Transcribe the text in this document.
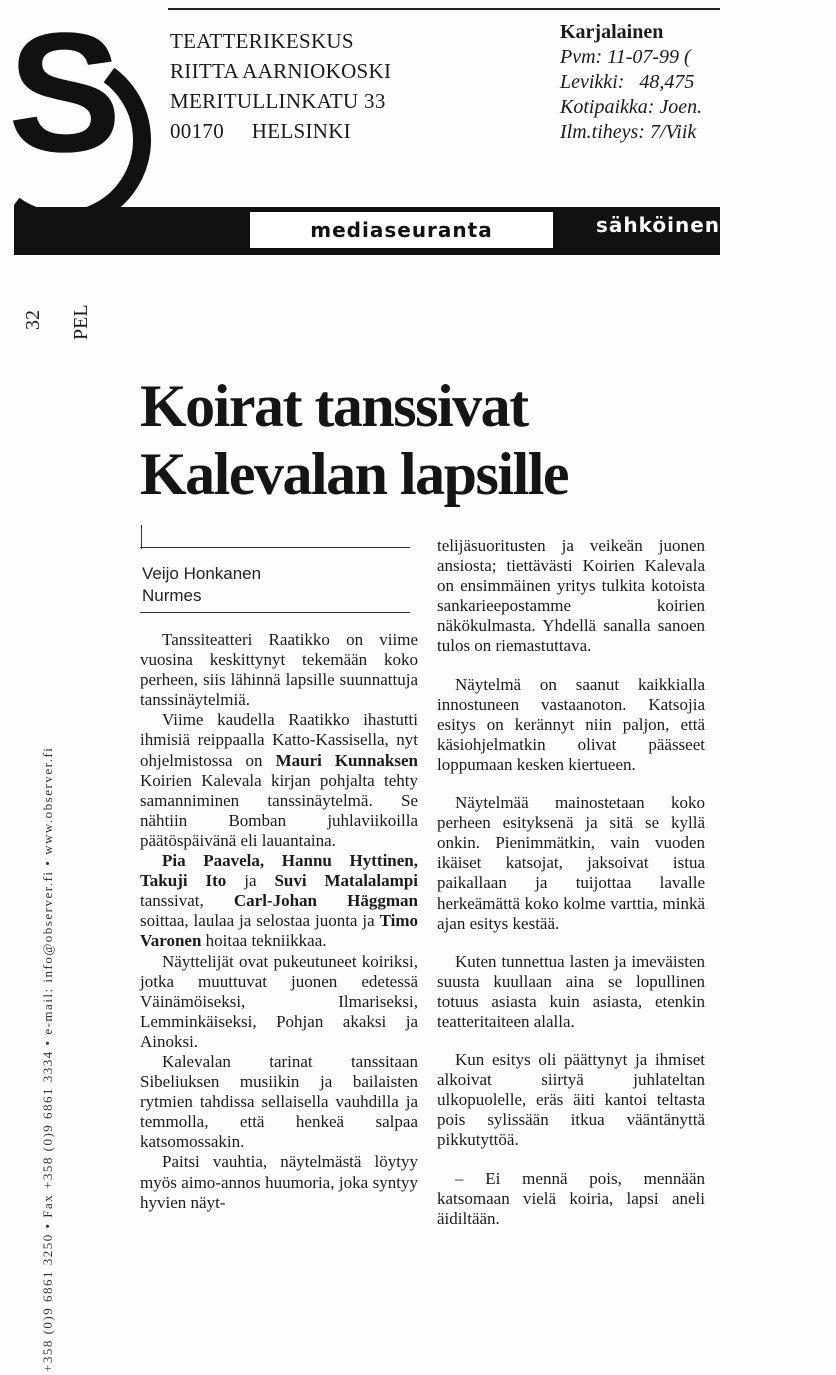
S TEATTERIKESKUS
RIITTA AARNIOKOSKI
MERITULLINKATU 33
00170     HELSINKI
Karjalainen
Pvm: 11-07-99 (
Levikki:   48,475
Kotipaikka: Joen.
Ilm.tiheys: 7/Viik
mediaseuranta	sähköinen
32 PEL
+358 (0)9 6861 3250 • Fax +358 (0)9 6861 3334 • e-mail: info@observer.fi • www.observer.fi
Koirat tanssivat
Kalevalan lapsille
Veijo Honkanen
Nurmes

Tanssiteatteri Raatikko on viime vuosina keskittynyt tekemään koko perheen, siis lähinnä lapsille suunnattuja tanssinäytelmiä.

Viime kaudella Raatikko ihastutti ihmisiä reippaalla Katto-Kassisella, nyt ohjelmistossa on Mauri Kunnaksen Koirien Kalevala kirjan pohjalta tehty samanniminen tanssinäytelmä. Se nähtiin Bomban juhlaviikoilla päätöspäivänä eli lauantaina.

Pia Paavela, Hannu Hyttinen, Takuji Ito ja Suvi Matalalampi tanssivat, Carl-Johan Häggman soittaa, laulaa ja selostaa juonta ja Timo Varonen hoitaa tekniikkaa.

Näyttelijät ovat pukeutuneet koiriksi, jotka muuttuvat juonen edetessä Väinämöiseksi, Ilmariseksi, Lemminkäiseksi, Pohjan akaksi ja Ainoksi.

Kalevalan tarinat tanssitaan Sibeliuksen musiikin ja bailaisten rytmien tahdissa sellaisella vauhdilla ja temmolla, että henkeä salpaa katsomossakin.

Paitsi vauhtia, näytelmästä löytyy myös aimo-annos huumoria, joka syntyy hyvien näyt-

telijäsuoritusten ja veikeän juonen ansiosta; tiettävästi Koirien Kalevala on ensimmäinen yritys tulkita kotoista sankarieepostamme koirien näkökulmasta. Yhdellä sanalla sanoen tulos on riemastuttava.

Näytelmä on saanut kaikkialla innostuneen vastaanoton. Katsojia esitys on kerännyt niin paljon, että käsiohjelmatkin olivat päässeet loppumaan kesken kiertueen.

Näytelmää mainostetaan koko perheen esityksenä ja sitä se kyllä onkin. Pienimmätkin, vain vuoden ikäiset katsojat, jaksoivat istua paikallaan ja tuijottaa lavalle herkeämättä koko kolme varttia, minkä ajan esitys kestää.

Kuten tunnettua lasten ja imeväisten suusta kuullaan aina se lopullinen totuus asiasta kuin asiasta, etenkin teatteritaiteen alalla.

Kun esitys oli päättynyt ja ihmiset alkoivat siirtyä juhlateltan ulkopuolelle, eräs äiti kantoi teltasta pois sylissään itkua vääntänyttä pikkutyttöä.

– Ei mennä pois, mennään katsomaan vielä koiria, lapsi aneli äidiltään.
